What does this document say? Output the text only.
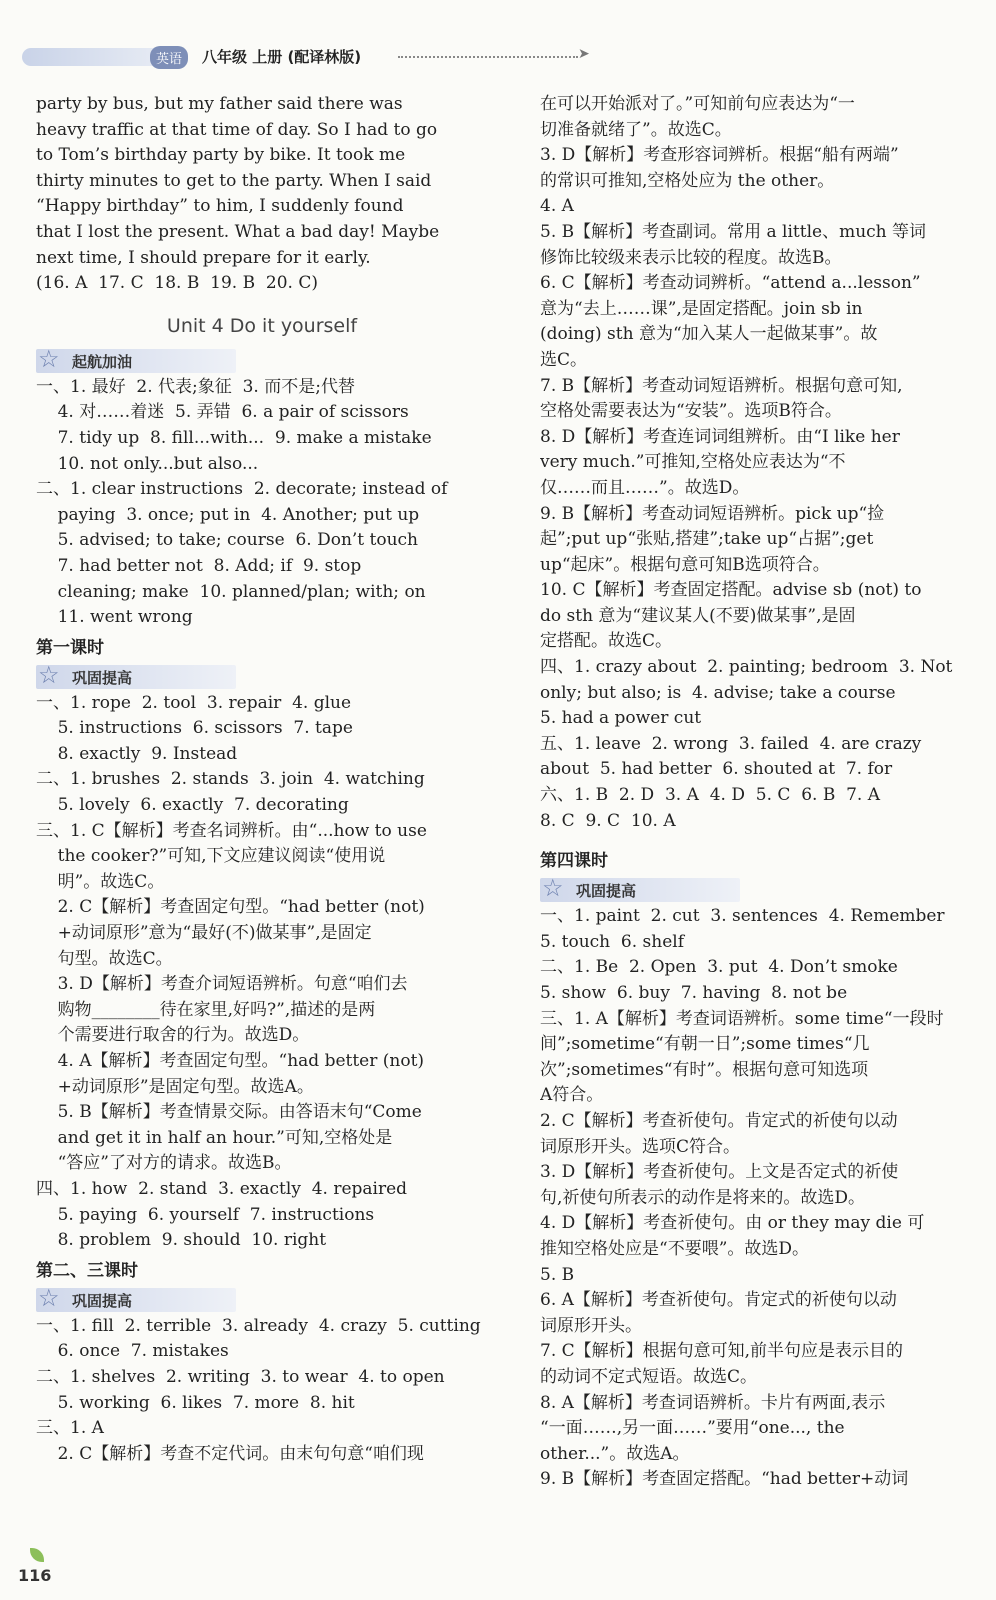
英语	八年级 上册 (配译林版)	➤
party by bus, but my father said there was
heavy traffic at that time of day. So I had to go
to Tom’s birthday party by bike. It took me
thirty minutes to get to the party. When I said
“Happy birthday” to him, I suddenly found
that I lost the present. What a bad day! Maybe
next time, I should prepare for it early.
(16. A  17. C  18. B  19. B  20. C)
Unit 4 Do it yourself
☆ 起航加油
一、1. 最好  2. 代表;象征  3. 而不是;代替
4. 对……着迷  5. 弄错  6. a pair of scissors
7. tidy up  8. fill...with...  9. make a mistake
10. not only...but also...
二、1. clear instructions  2. decorate; instead of
paying  3. once; put in  4. Another; put up
5. advised; to take; course  6. Don’t touch
7. had better not  8. Add; if  9. stop
cleaning; make  10. planned/plan; with; on
11. went wrong
第一课时
☆ 巩固提高
一、1. rope  2. tool  3. repair  4. glue
5. instructions  6. scissors  7. tape
8. exactly  9. Instead
二、1. brushes  2. stands  3. join  4. watching
5. lovely  6. exactly  7. decorating
三、1. C【解析】考查名词辨析。由“...how to use
the cooker?”可知,下文应建议阅读“使用说
明”。故选C。
2. C【解析】考查固定句型。“had better (not)
+动词原形”意为“最好(不)做某事”,是固定
句型。故选C。
3. D【解析】考查介词短语辨析。句意“咱们去
购物________待在家里,好吗?”,描述的是两
个需要进行取舍的行为。故选D。
4. A【解析】考查固定句型。“had better (not)
+动词原形”是固定句型。故选A。
5. B【解析】考查情景交际。由答语末句“Come
and get it in half an hour.”可知,空格处是
“答应”了对方的请求。故选B。
四、1. how  2. stand  3. exactly  4. repaired
5. paying  6. yourself  7. instructions
8. problem  9. should  10. right
第二、三课时
☆ 巩固提高
一、1. fill  2. terrible  3. already  4. crazy  5. cutting
6. once  7. mistakes
二、1. shelves  2. writing  3. to wear  4. to open
5. working  6. likes  7. more  8. hit
三、1. A
2. C【解析】考查不定代词。由末句句意“咱们现
在可以开始派对了。”可知前句应表达为“一
切准备就绪了”。故选C。
3. D【解析】考查形容词辨析。根据“船有两端”
的常识可推知,空格处应为 the other。
4. A
5. B【解析】考查副词。常用 a little、much 等词
修饰比较级来表示比较的程度。故选B。
6. C【解析】考查动词辨析。“attend a...lesson”
意为“去上……课”,是固定搭配。join sb in
(doing) sth 意为“加入某人一起做某事”。故
选C。
7. B【解析】考查动词短语辨析。根据句意可知,
空格处需要表达为“安装”。选项B符合。
8. D【解析】考查连词词组辨析。由“I like her
very much.”可推知,空格处应表达为“不
仅……而且……”。故选D。
9. B【解析】考查动词短语辨析。pick up“捡
起”;put up“张贴,搭建”;take up“占据”;get
up“起床”。根据句意可知B选项符合。
10. C【解析】考查固定搭配。advise sb (not) to
do sth 意为“建议某人(不要)做某事”,是固
定搭配。故选C。
四、1. crazy about  2. painting; bedroom  3. Not
only; but also; is  4. advise; take a course
5. had a power cut
五、1. leave  2. wrong  3. failed  4. are crazy
about  5. had better  6. shouted at  7. for
六、1. B  2. D  3. A  4. D  5. C  6. B  7. A
8. C  9. C  10. A
第四课时
☆ 巩固提高
一、1. paint  2. cut  3. sentences  4. Remember
5. touch  6. shelf
二、1. Be  2. Open  3. put  4. Don’t smoke
5. show  6. buy  7. having  8. not be
三、1. A【解析】考查词语辨析。some time“一段时
间”;sometime“有朝一日”;some times“几
次”;sometimes“有时”。根据句意可知选项
A符合。
2. C【解析】考查祈使句。肯定式的祈使句以动
词原形开头。选项C符合。
3. D【解析】考查祈使句。上文是否定式的祈使
句,祈使句所表示的动作是将来的。故选D。
4. D【解析】考查祈使句。由 or they may die 可
推知空格处应是“不要喂”。故选D。
5. B
6. A【解析】考查祈使句。肯定式的祈使句以动
词原形开头。
7. C【解析】根据句意可知,前半句应是表示目的
的动词不定式短语。故选C。
8. A【解析】考查词语辨析。卡片有两面,表示
“一面……,另一面……”要用“one..., the
other...”。故选A。
9. B【解析】考查固定搭配。“had better+动词
116
